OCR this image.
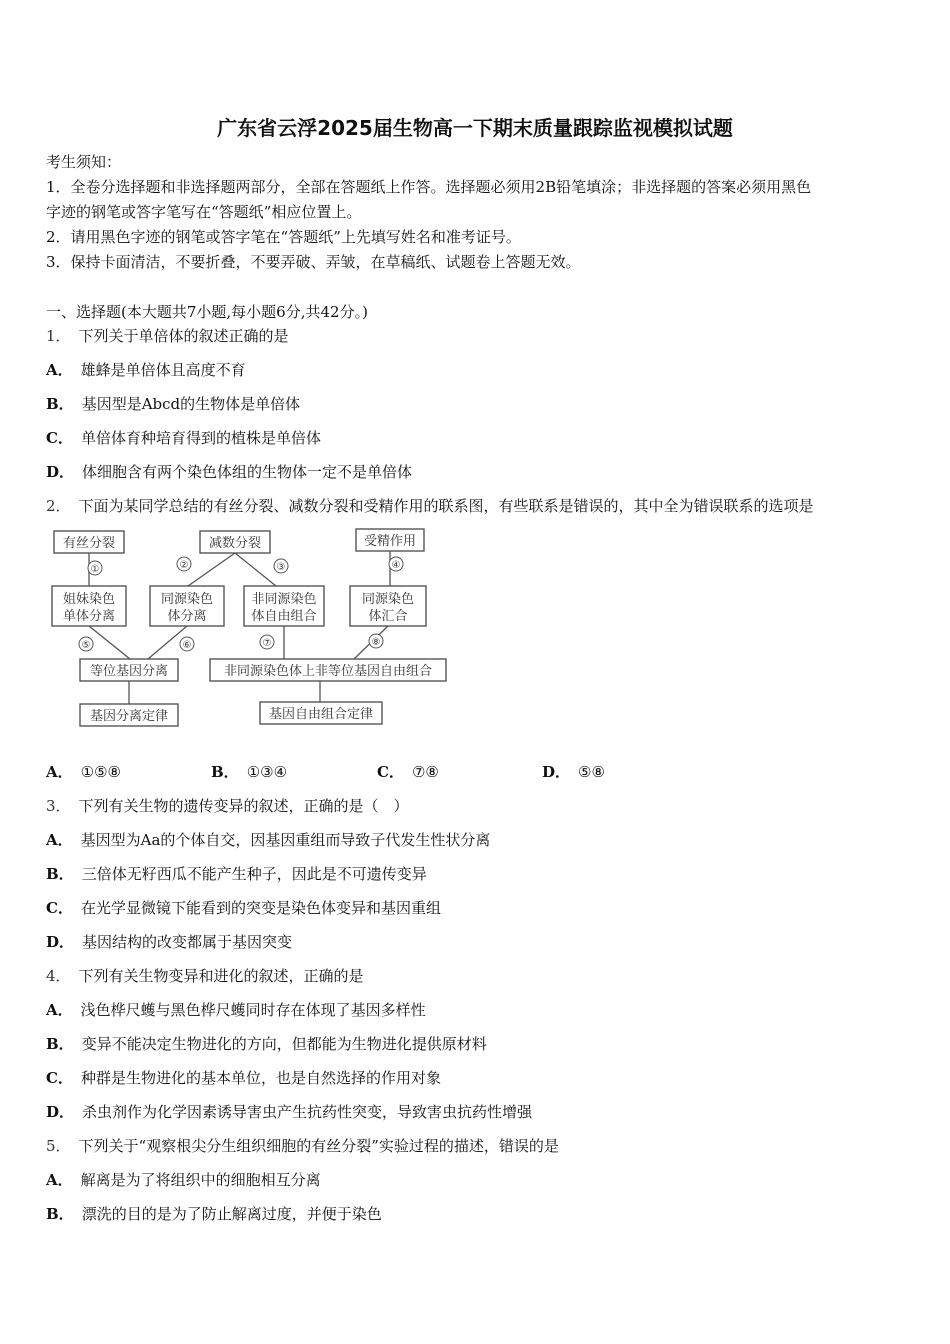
广东省云浮2025届生物高一下期末质量跟踪监视模拟试题
考生须知：
1．全卷分选择题和非选择题两部分，全部在答题纸上作答。选择题必须用2B铅笔填涂；非选择题的答案必须用黑色
字迹的钢笔或答字笔写在“答题纸”相应位置上。
2．请用黑色字迹的钢笔或答字笔在“答题纸”上先填写姓名和准考证号。
3．保持卡面清洁，不要折叠，不要弄破、弄皱，在草稿纸、试题卷上答题无效。
一、选择题(本大题共7小题,每小题6分,共42分。)
1． 下列关于单倍体的叙述正确的是
A． 雄蜂是单倍体且高度不育
B． 基因型是Abcd的生物体是单倍体
C． 单倍体育种培育得到的植株是单倍体
D． 体细胞含有两个染色体组的生物体一定不是单倍体
2． 下面为某同学总结的有丝分裂、减数分裂和受精作用的联系图，有些联系是错误的，其中全为错误联系的选项是
有丝分裂	减数分裂	受精作用
①	②	③	④
姐妹染色
单体分离
同源染色
体分离
非同源染色
体自由组合
同源染色
体汇合
⑤	⑥	⑦	⑧
等位基因分离	非同源染色体上非等位基因自由组合
基因分离定律	基因自由组合定律
A． ①⑤⑧	B． ①③④	C． ⑦⑧	D． ⑤⑧
3． 下列有关生物的遗传变异的叙述，正确的是（　）
A． 基因型为Aa的个体自交，因基因重组而导致子代发生性状分离
B． 三倍体无籽西瓜不能产生种子，因此是不可遗传变异
C． 在光学显微镜下能看到的突变是染色体变异和基因重组
D． 基因结构的改变都属于基因突变
4． 下列有关生物变异和进化的叙述，正确的是
A． 浅色桦尺蠖与黑色桦尺蠖同时存在体现了基因多样性
B． 变异不能决定生物进化的方向，但都能为生物进化提供原材料
C． 种群是生物进化的基本单位，也是自然选择的作用对象
D． 杀虫剂作为化学因素诱导害虫产生抗药性突变，导致害虫抗药性增强
5． 下列关于“观察根尖分生组织细胞的有丝分裂”实验过程的描述，错误的是
A． 解离是为了将组织中的细胞相互分离
B． 漂洗的目的是为了防止解离过度，并便于染色
